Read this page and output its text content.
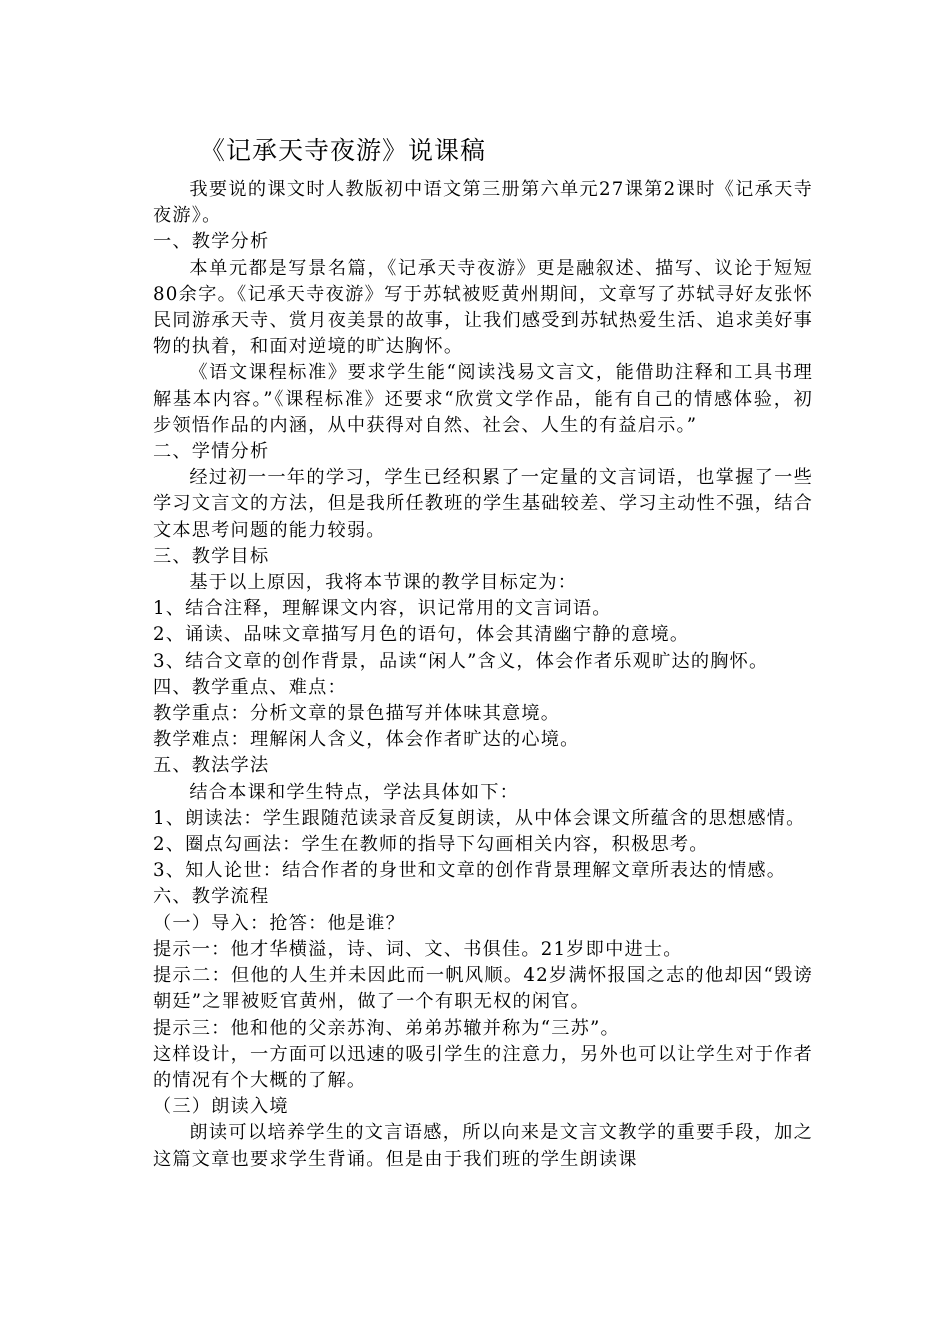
《记承天寺夜游》说课稿

我要说的课文时人教版初中语文第三册第六单元27课第2课时《记承天寺夜游》。

一、教学分析

本单元都是写景名篇，《记承天寺夜游》更是融叙述、描写、议论于短短80余字。《记承天寺夜游》写于苏轼被贬黄州期间，文章写了苏轼寻好友张怀民同游承天寺、赏月夜美景的故事，让我们感受到苏轼热爱生活、追求美好事物的执着，和面对逆境的旷达胸怀。

《语文课程标准》要求学生能“阅读浅易文言文，能借助注释和工具书理解基本内容。”《课程标准》还要求“欣赏文学作品，能有自己的情感体验，初步领悟作品的内涵，从中获得对自然、社会、人生的有益启示。”

二、学情分析

经过初一一年的学习，学生已经积累了一定量的文言词语，也掌握了一些学习文言文的方法，但是我所任教班的学生基础较差、学习主动性不强，结合文本思考问题的能力较弱。

三、教学目标

基于以上原因，我将本节课的教学目标定为：

1、结合注释，理解课文内容，识记常用的文言词语。

2、诵读、品味文章描写月色的语句，体会其清幽宁静的意境。

3、结合文章的创作背景，品读“闲人”含义，体会作者乐观旷达的胸怀。

四、教学重点、难点：

教学重点：分析文章的景色描写并体味其意境。

教学难点：理解闲人含义，体会作者旷达的心境。

五、教法学法

结合本课和学生特点，学法具体如下：

1、朗读法：学生跟随范读录音反复朗读，从中体会课文所蕴含的思想感情。

2、圈点勾画法：学生在教师的指导下勾画相关内容，积极思考。

3、知人论世：结合作者的身世和文章的创作背景理解文章所表达的情感。

六、教学流程

（一）导入：抢答：他是谁？

提示一：他才华横溢，诗、词、文、书俱佳。21岁即中进士。

提示二：但他的人生并未因此而一帆风顺。42岁满怀报国之志的他却因“毁谤朝廷”之罪被贬官黄州，做了一个有职无权的闲官。

提示三：他和他的父亲苏洵、弟弟苏辙并称为“三苏”。

这样设计，一方面可以迅速的吸引学生的注意力，另外也可以让学生对于作者的情况有个大概的了解。

（三）朗读入境

朗读可以培养学生的文言语感，所以向来是文言文教学的重要手段，加之这篇文章也要求学生背诵。但是由于我们班的学生朗读课
